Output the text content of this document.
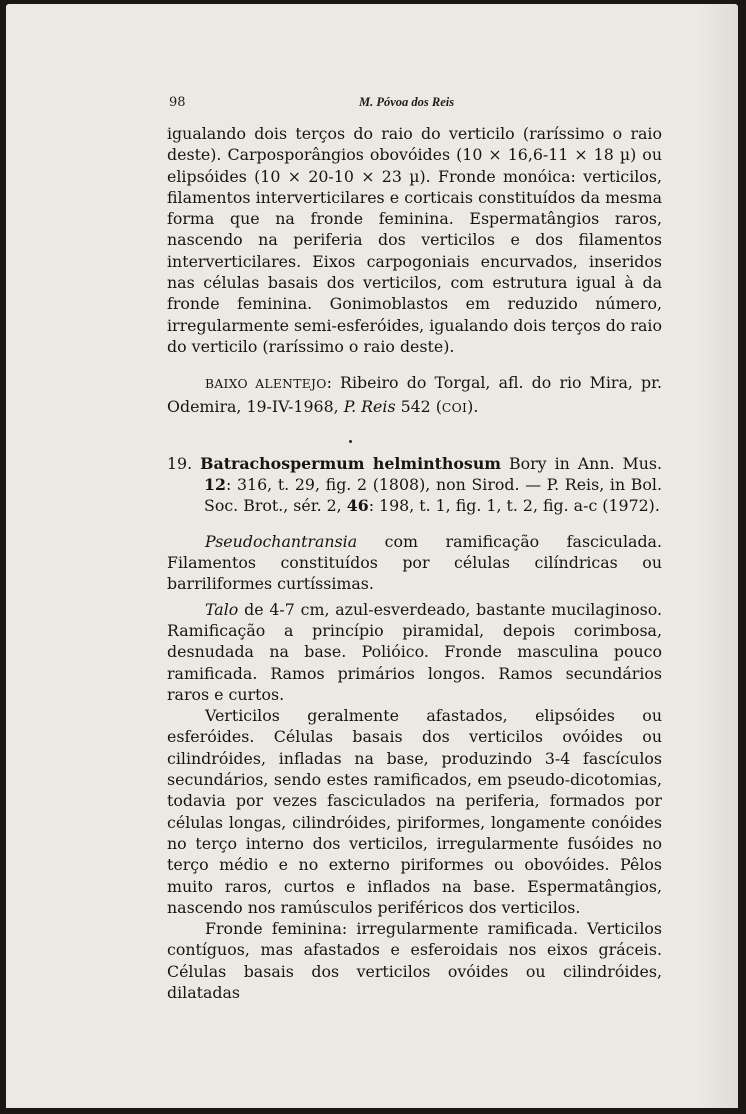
98	M. Póvoa dos Reis

igualando dois terços do raio do verticilo (raríssimo o raio deste). Carposporângios obovóides (10 × 16,6-11 × 18 µ) ou elipsóides (10 × 20-10 × 23 µ). Fronde monóica: verticilos, filamentos interverticilares e corticais constituídos da mesma forma que na fronde feminina. Espermatângios raros, nascendo na periferia dos verticilos e dos filamentos interverticilares. Eixos carpogoniais encurvados, inseridos nas células basais dos verticilos, com estrutura igual à da fronde feminina. Gonimoblastos em reduzido número, irregularmente semi-esferóides, igualando dois terços do raio do verticilo (raríssimo o raio deste).

BAIXO ALENTEJO: Ribeiro do Torgal, afl. do rio Mira, pr. Odemira, 19-IV-1968, P. Reis 542 (COI).

19. Batrachospermum helminthosum Bory in Ann. Mus. 12: 316, t. 29, fig. 2 (1808), non Sirod. — P. Reis, in Bol. Soc. Brot., sér. 2, 46: 198, t. 1, fig. 1, t. 2, fig. a-c (1972).

Pseudochantransia com ramificação fasciculada. Filamentos constituídos por células cilíndricas ou barriliformes curtíssimas.

Talo de 4-7 cm, azul-esverdeado, bastante mucilaginoso. Ramificação a princípio piramidal, depois corimbosa, desnudada na base. Polióico. Fronde masculina pouco ramificada. Ramos primários longos. Ramos secundários raros e curtos.

Verticilos geralmente afastados, elipsóides ou esferóides. Células basais dos verticilos ovóides ou cilindróides, infladas na base, produzindo 3-4 fascículos secundários, sendo estes ramificados, em pseudo-dicotomias, todavia por vezes fasciculados na periferia, formados por células longas, cilindróides, piriformes, longamente conóides no terço interno dos verticilos, irregularmente fusóides no terço médio e no externo piriformes ou obovóides. Pêlos muito raros, curtos e inflados na base. Espermatângios, nascendo nos ramúsculos periféricos dos verticilos.

Fronde feminina: irregularmente ramificada. Verticilos contíguos, mas afastados e esferoidais nos eixos gráceis. Células basais dos verticilos ovóides ou cilindróides, dilatadas
